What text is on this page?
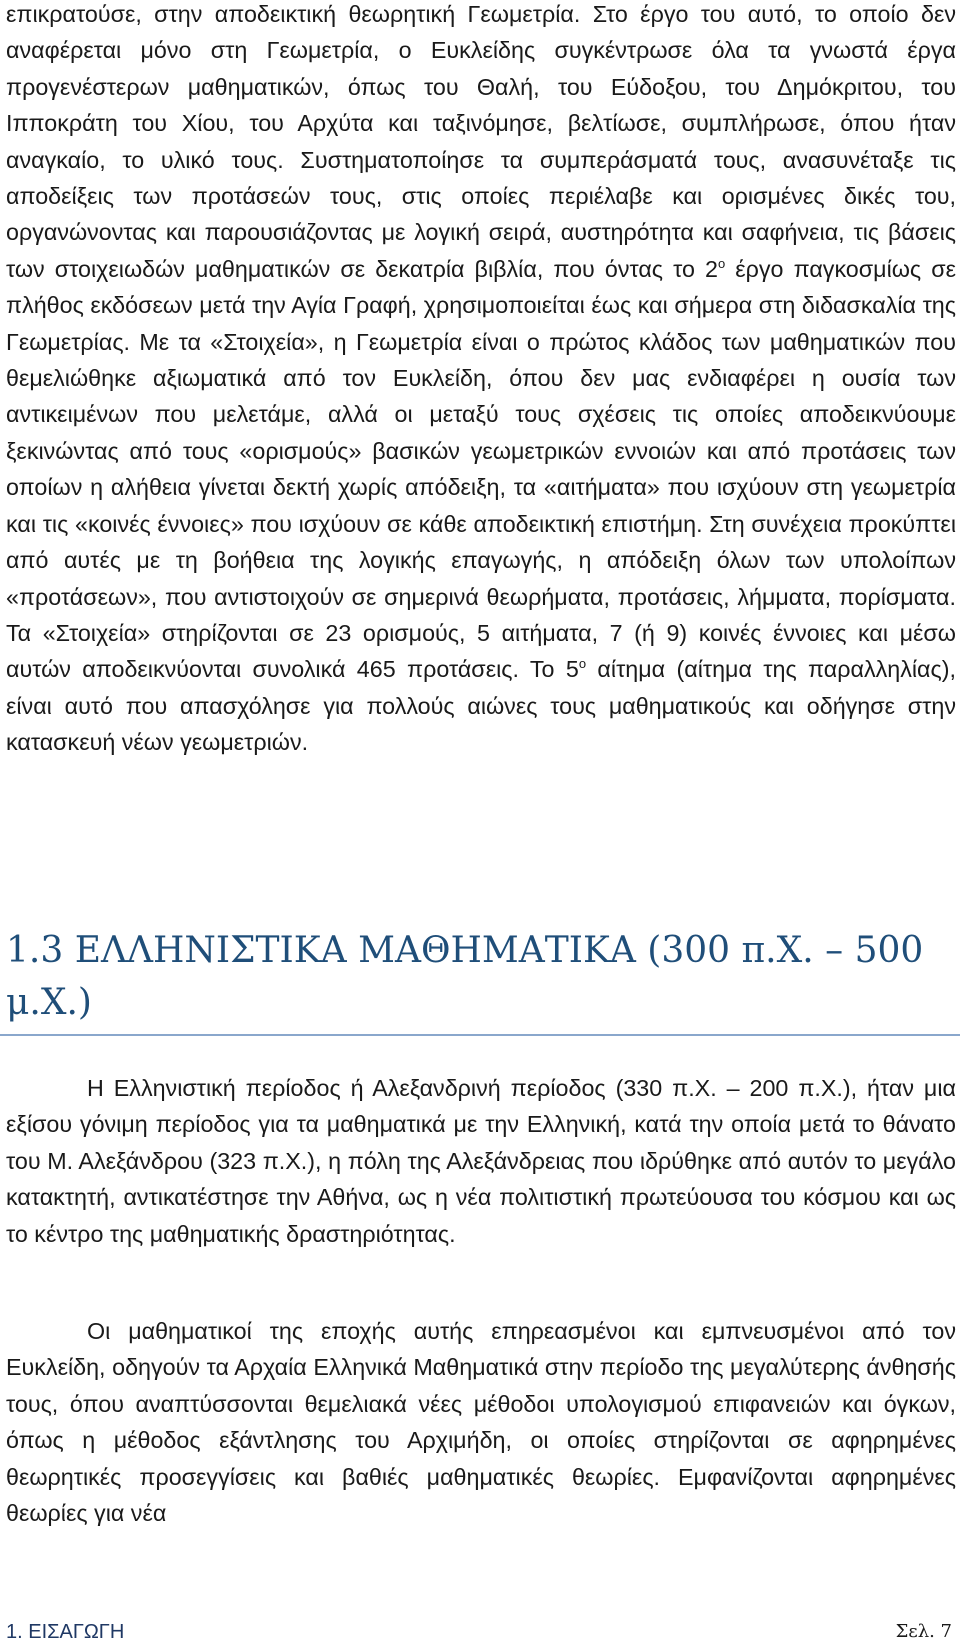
επικρατούσε, στην αποδεικτική θεωρητική Γεωμετρία. Στο έργο του αυτό, το οποίο δεν αναφέρεται μόνο στη Γεωμετρία, ο Ευκλείδης συγκέντρωσε όλα τα γνωστά έργα προγενέστερων μαθηματικών, όπως του Θαλή, του Εύδοξου, του Δημόκριτου, του Ιπποκράτη του Χίου, του Αρχύτα και ταξινόμησε, βελτίωσε, συμπλήρωσε, όπου ήταν αναγκαίο, το υλικό τους. Συστηματοποίησε τα συμπεράσματά τους, ανασυνέταξε τις αποδείξεις των προτάσεών τους, στις οποίες περιέλαβε και ορισμένες δικές του, οργανώνοντας και παρουσιάζοντας με λογική σειρά, αυστηρότητα και σαφήνεια, τις βάσεις των στοιχειωδών μαθηματικών σε δεκατρία βιβλία, που όντας το $2^o$ έργο παγκοσμίως σε πλήθος εκδόσεων μετά την Αγία Γραφή, χρησιμοποιείται έως και σήμερα στη διδασκαλία της Γεωμετρίας. Με τα «Στοιχεία», η Γεωμετρία είναι ο πρώτος κλάδος των μαθηματικών που θεμελιώθηκε αξιωματικά από τον Ευκλείδη, όπου δεν μας ενδιαφέρει η ουσία των αντικειμένων που μελετάμε, αλλά οι μεταξύ τους σχέσεις τις οποίες αποδεικνύουμε ξεκινώντας από τους «ορισμούς» βασικών γεωμετρικών εννοιών και από προτάσεις των οποίων η αλήθεια γίνεται δεκτή χωρίς απόδειξη, τα «αιτήματα» που ισχύουν στη γεωμετρία και τις «κοινές έννοιες» που ισχύουν σε κάθε αποδεικτική επιστήμη. Στη συνέχεια προκύπτει από αυτές με τη βοήθεια της λογικής επαγωγής, η απόδειξη όλων των υπολοίπων «προτάσεων», που αντιστοιχούν σε σημερινά θεωρήματα, προτάσεις, λήμματα, πορίσματα. Τα «Στοιχεία» στηρίζονται σε 23 ορισμούς, 5 αιτήματα, 7 (ή 9) κοινές έννοιες και μέσω αυτών αποδεικνύονται συνολικά 465 προτάσεις. Το $5^o$ αίτημα (αίτημα της παραλληλίας), είναι αυτό που απασχόλησε για πολλούς αιώνες τους μαθηματικούς και οδήγησε στην κατασκευή νέων γεωμετριών.

1.3 ΕΛΛΗΝΙΣΤΙΚΑ ΜΑΘΗΜΑΤΙΚΑ (300 π.Χ. – 500 μ.Χ.)

Η Ελληνιστική περίοδος ή Αλεξανδρινή περίοδος (330 π.Χ. – 200 π.Χ.), ήταν μια εξίσου γόνιμη περίοδος για τα μαθηματικά με την Ελληνική, κατά την οποία μετά το θάνατο του Μ. Αλεξάνδρου (323 π.Χ.), η πόλη της Αλεξάνδρειας που ιδρύθηκε από αυτόν το μεγάλο κατακτητή, αντικατέστησε την Αθήνα, ως η νέα πολιτιστική πρωτεύουσα του κόσμου και ως το κέντρο της μαθηματικής δραστηριότητας.

Οι μαθηματικοί της εποχής αυτής επηρεασμένοι και εμπνευσμένοι από τον Ευκλείδη, οδηγούν τα Αρχαία Ελληνικά Μαθηματικά στην περίοδο της μεγαλύτερης άνθησής τους, όπου αναπτύσσονται θεμελιακά νέες μέθοδοι υπολογισμού επιφανειών και όγκων, όπως η μέθοδος εξάντλησης του Αρχιμήδη, οι οποίες στηρίζονται σε αφηρημένες θεωρητικές προσεγγίσεις και βαθιές μαθηματικές θεωρίες. Εμφανίζονται αφηρημένες θεωρίες για νέα

1. ΕΙΣΑΓΩΓΗ	Σελ. 7
